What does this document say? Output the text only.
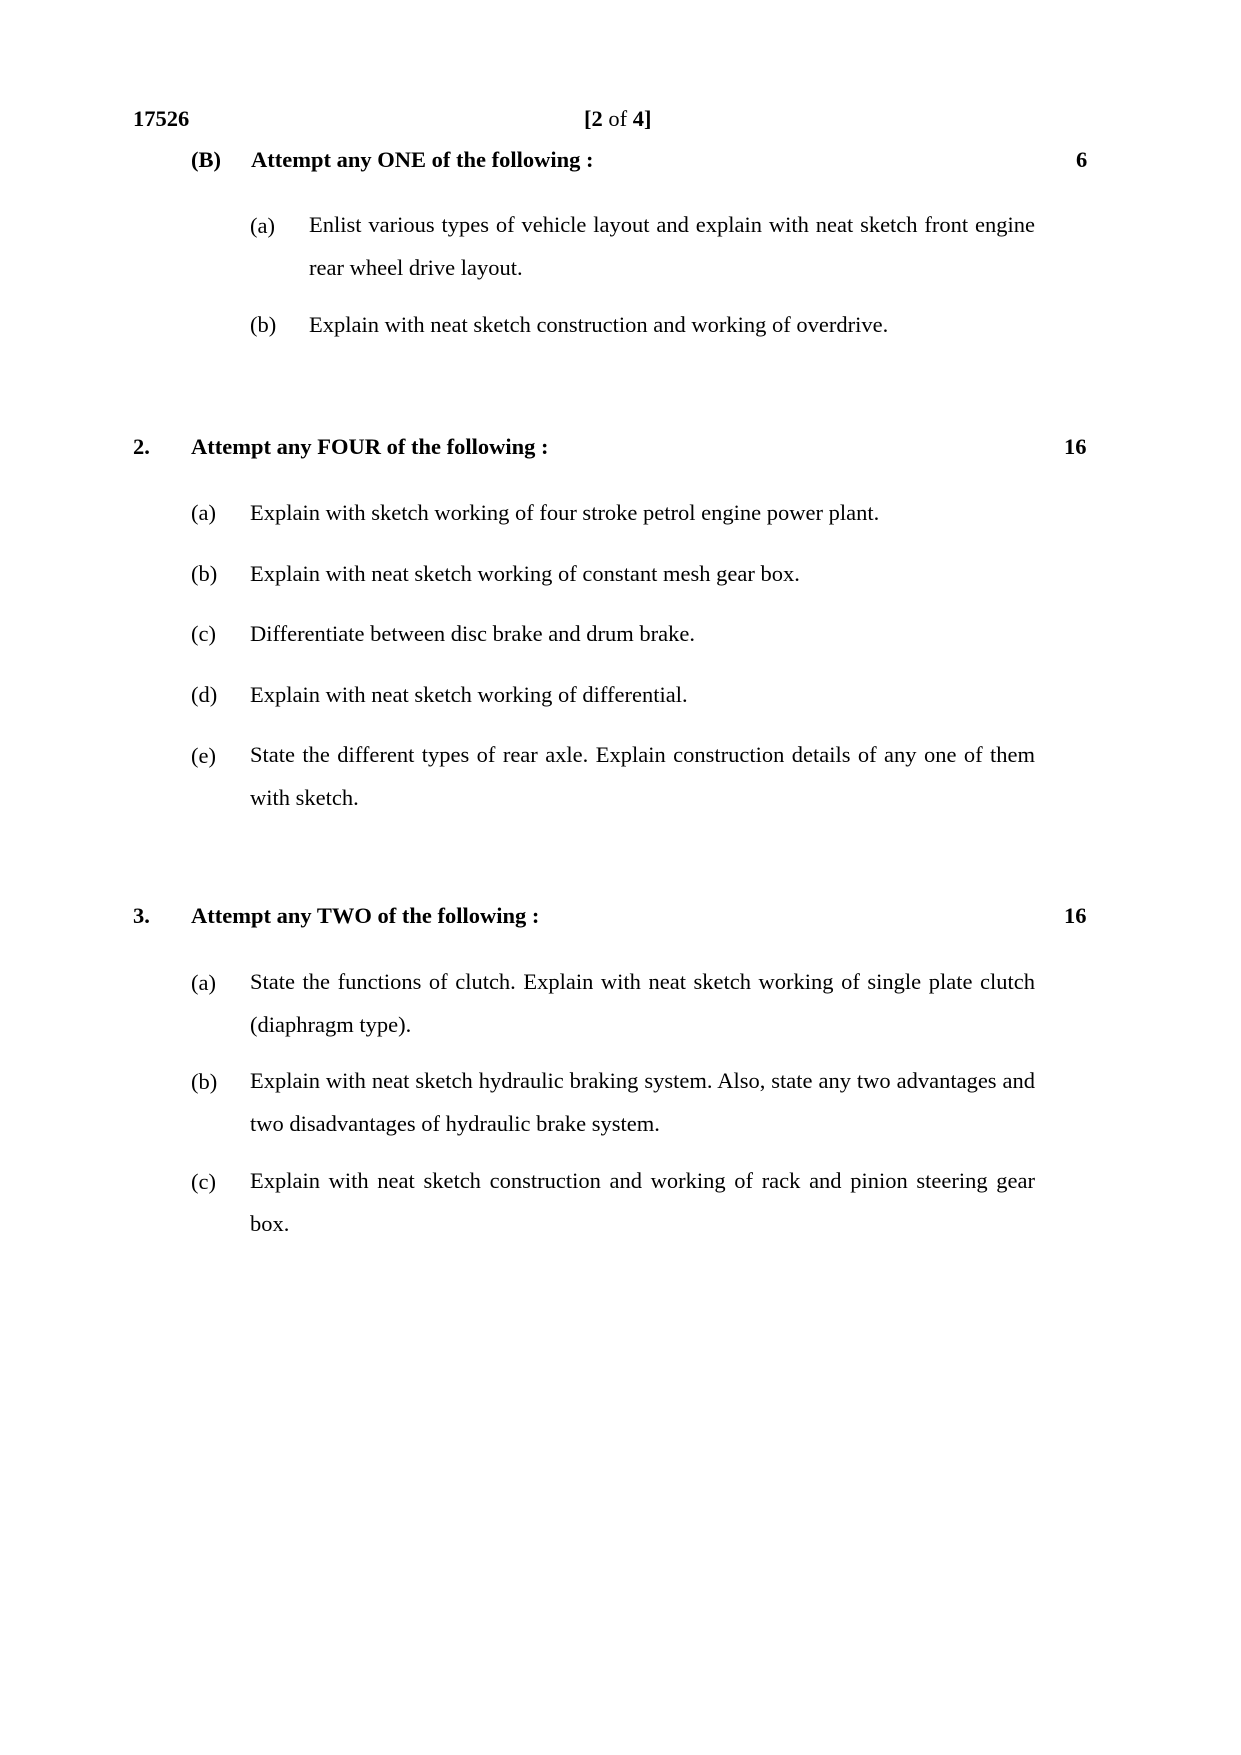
17526	[2 of 4]
(B) Attempt any ONE of the following :	6
(a) Enlist various types of vehicle layout and explain with neat sketch front engine rear wheel drive layout.
(b) Explain with neat sketch construction and working of overdrive.
2. Attempt any FOUR of the following :	16
(a) Explain with sketch working of four stroke petrol engine power plant.
(b) Explain with neat sketch working of constant mesh gear box.
(c) Differentiate between disc brake and drum brake.
(d) Explain with neat sketch working of differential.
(e) State the different types of rear axle. Explain construction details of any one of them with sketch.
3. Attempt any TWO of the following :	16
(a) State the functions of clutch. Explain with neat sketch working of single plate clutch (diaphragm type).
(b) Explain with neat sketch hydraulic braking system. Also, state any two advantages and two disadvantages of hydraulic brake system.
(c) Explain with neat sketch construction and working of rack and pinion steering gear box.
